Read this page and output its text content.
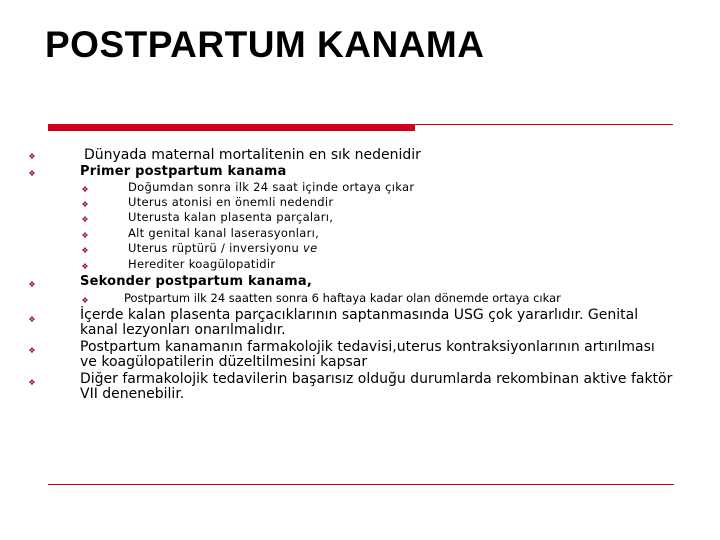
POSTPARTUM KANAMA
❖	Dünyada maternal mortalitenin en sık nedenidir
❖	Primer postpartum kanama
❖	Doğumdan sonra ilk 24 saat içinde ortaya çıkar
❖	Uterus atonisi en önemli nedendir
❖	Uterusta kalan plasenta parçaları,
❖	Alt genital kanal laserasyonları,
❖	Uterus rüptürü / inversiyonu ve
❖	Herediter koagülopatidir
❖	Sekonder postpartum kanama,
❖	Postpartum ilk 24 saatten sonra 6 haftaya kadar olan dönemde ortaya cıkar
❖	İçerde kalan plasenta parçacıklarının saptanmasında USG çok yararlıdır. Genital kanal lezyonları onarılmalıdır.
❖	Postpartum kanamanın farmakolojik tedavisi,uterus kontraksiyonlarının artırılması ve koagülopatilerin düzeltilmesini kapsar
❖	Diğer farmakolojik tedavilerin başarısız olduğu durumlarda rekombinan aktive faktör VII denenebilir.
